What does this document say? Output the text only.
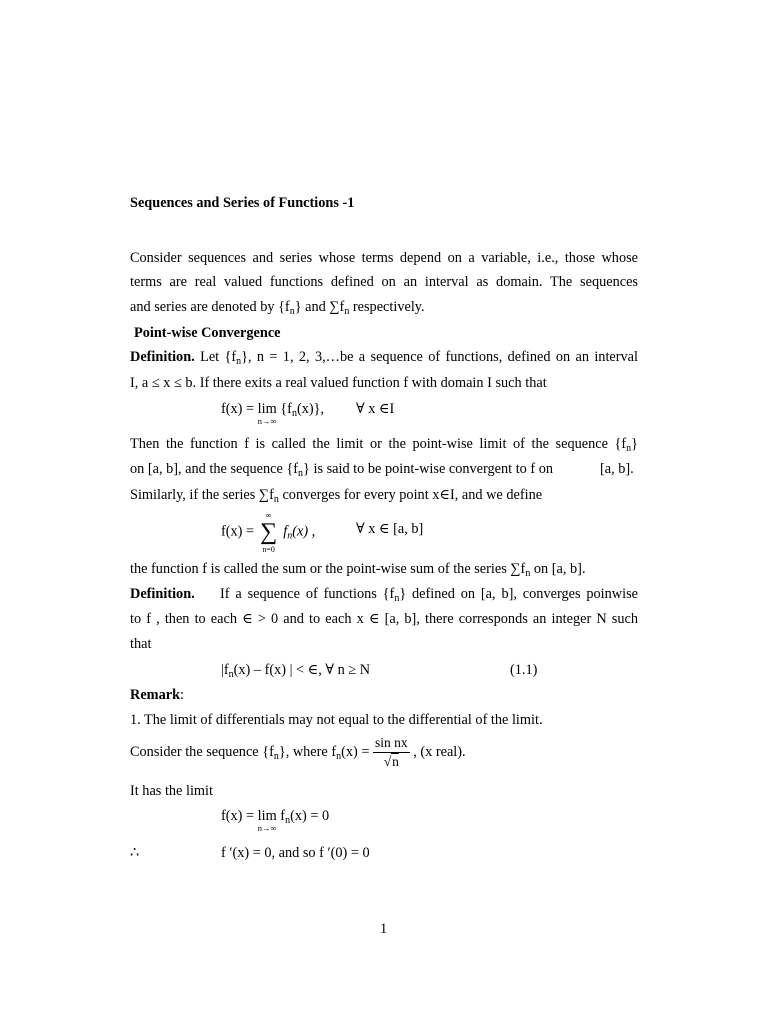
Sequences and Series of Functions -1
Consider sequences and series whose terms depend on a variable, i.e., those whose
terms are real valued functions defined on an interval as domain. The sequences
and series are denoted by $\{f_n\}$ and $\sum f_n$ respectively.
Point-wise Convergence
Definition. Let $\{f_n\}$, n = 1, 2, 3,…be a sequence of functions, defined on an interval
I, a ≤ x ≤ b. If there exits a real valued function f with domain I such that
f(x) = lim
n→∞
$\{f_n(x)\}$, ∀ x ∈I
Then the function f is called the limit or the point-wise limit of the sequence $\{f_n\}$
on [a, b], and the sequence $\{f_n\}$ is said to be point-wise convergent to f on	[a, b].
Similarly, if the series $\sum f_n$ converges for every point x∈I, and we define
f(x) =
∞
∑
n=0
$f_n(x)$ ,	∀ x ∈ [a, b]
the function f is called the sum or the point-wise sum of the series $\sum f_n$ on [a, b].
Definition. If a sequence of functions $\{f_n\}$ defined on [a, b], converges poinwise
to f , then to each ∈ > 0 and to each x ∈ [a, b], there corresponds an integer N such
that
$|f_n(x) - f(x)$ | < ∈, ∀ n ≥ N	(1.1)
Remark:
1. The limit of differentials may not equal to the differential of the limit.
Consider the sequence $\{f_n\}$, where $f_n(x) = \frac{\text{sin nx}}{√n}$ , (x real).
It has the limit
f(x) = lim
n→∞
$f_n(x) = 0$
∴	f ′(x) = 0, and so f ′(0) = 0
1
